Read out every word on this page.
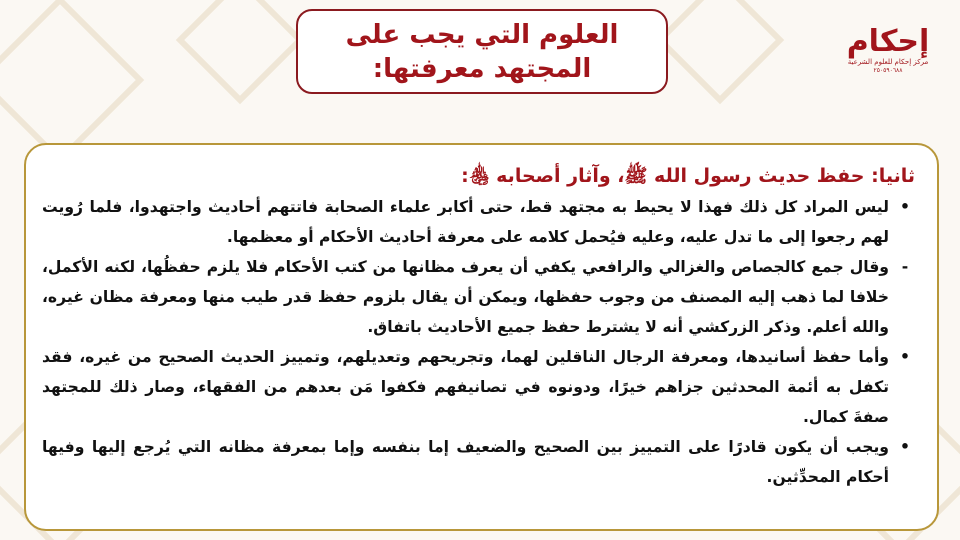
العلوم التي يجب على
المجتهد معرفتها:
إحكام
مركز إحكام للعلوم الشرعية
٢٥٠٥٩٠٦٨٨
ثانيا: حفظ حديث رسول الله ﷺ، وآثار أصحابه ﵃:

•
ليس المراد كل ذلك فهذا لا يحيط به مجتهد قط، حتى أكابر علماء الصحابة فاتتهم أحاديث واجتهدوا، فلما رُويت لهم رجعوا إلى ما تدل عليه، وعليه فيُحمل كلامه على معرفة أحاديث الأحكام أو معظمها.

-
وقال جمع كالجصاص والغزالي والرافعي يكفي أن يعرف مظانها من كتب الأحكام فلا يلزم حفظُها، لكنه الأكمل، خلافا لما ذهب إليه المصنف من وجوب حفظها، ويمكن أن يقال بلزوم حفظ قدر طيب منها ومعرفة مظان غيره، والله أعلم. وذكر الزركشي أنه لا يشترط حفظ جميع الأحاديث باتفاق.

•
وأما حفظ أسانيدها، ومعرفة الرجال الناقلين لهما، وتجريحهم وتعديلهم، وتمييز الحديث الصحيح من غيره، فقد تكفل به أئمة المحدثين جزاهم خيرًا، ودونوه في تصانيفهم فكفوا مَن بعدهم من الفقهاء، وصار ذلك للمجتهد صفةَ كمال.

•
ويجب أن يكون قادرًا على التمييز بين الصحيح والضعيف إما بنفسه وإما بمعرفة مظانه التي يُرجع إليها وفيها أحكام المحدِّثين.
